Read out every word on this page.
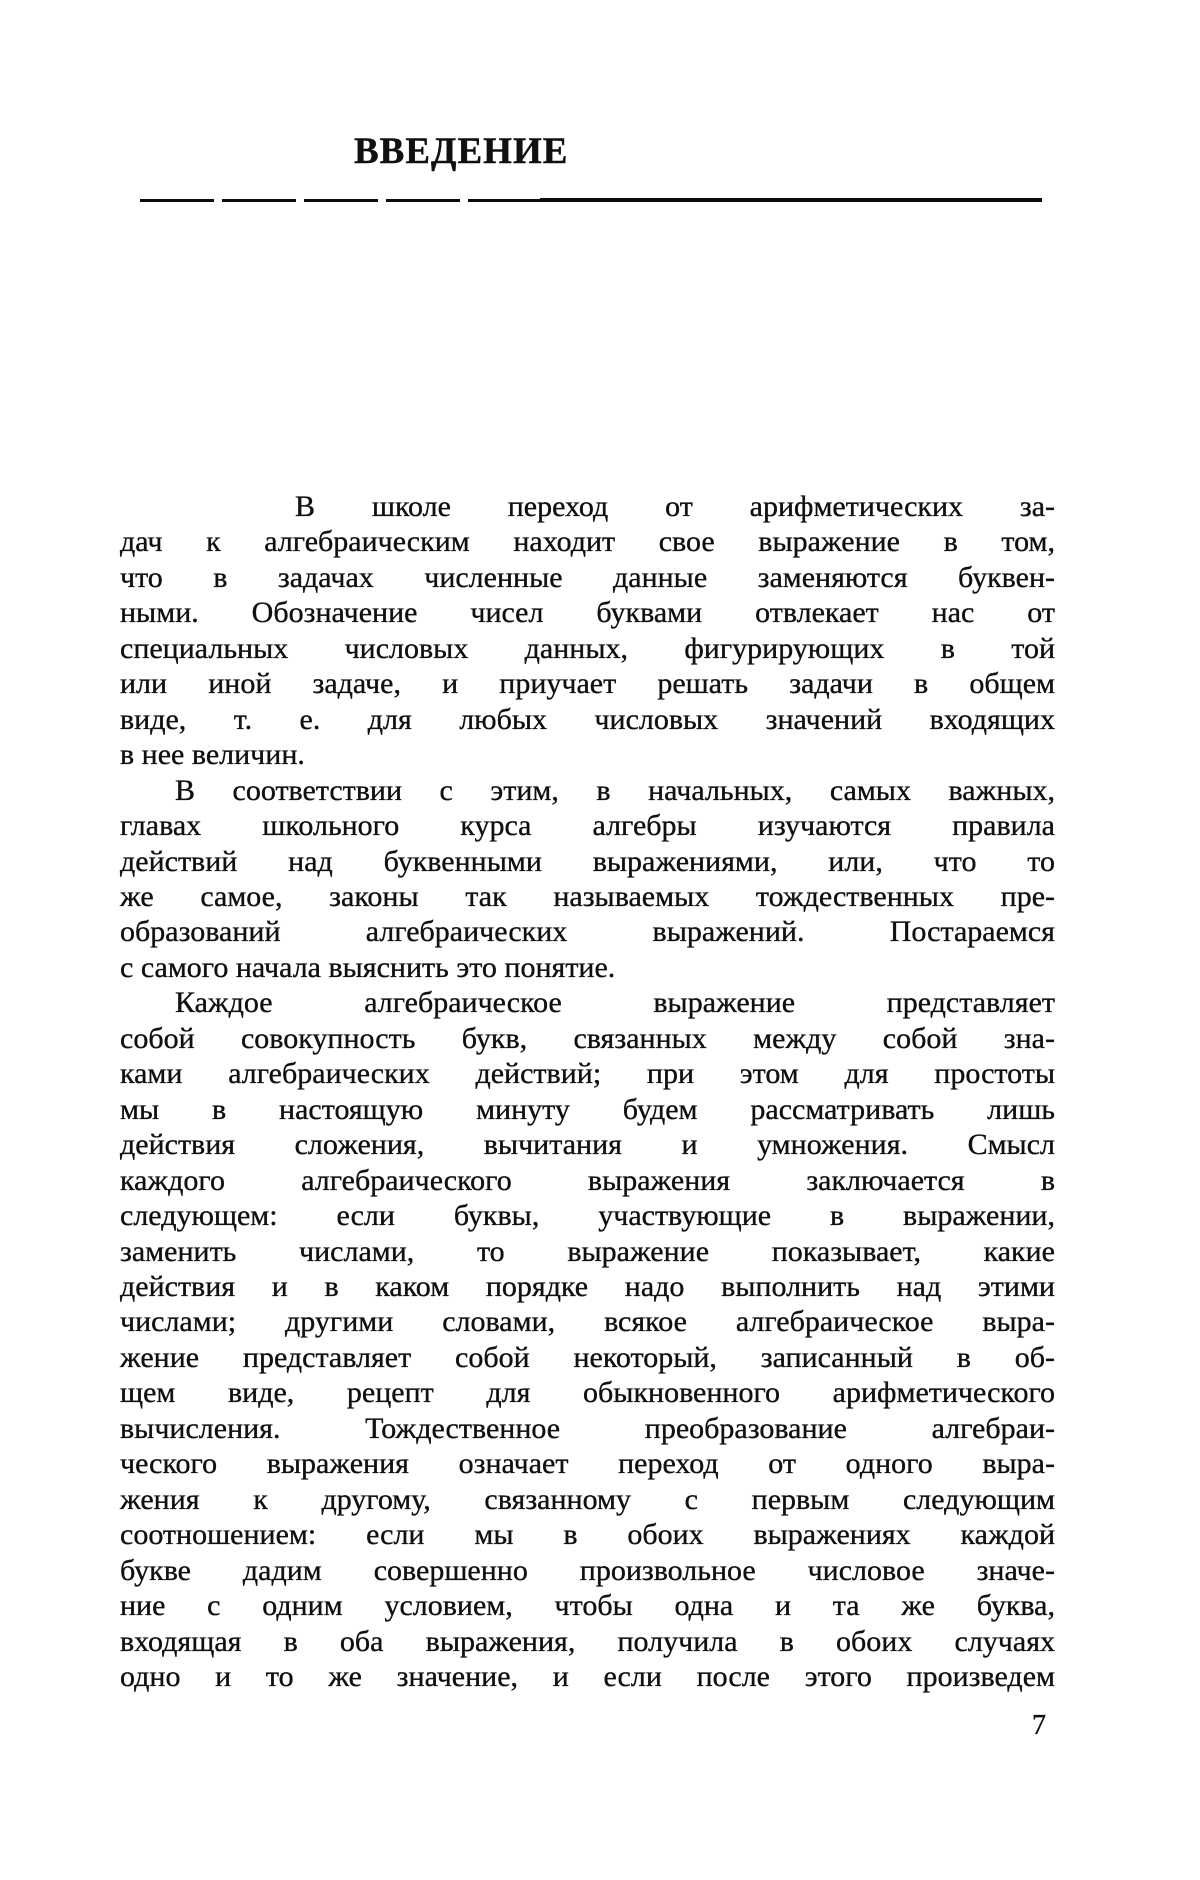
ВВЕДЕНИЕ
В школе переход от арифметических за-
дач к алгебраическим находит свое выражение в том,
что в задачах численные данные заменяются буквен-
ными. Обозначение чисел буквами отвлекает нас от
специальных числовых данных, фигурирующих в той
или иной задаче, и приучает решать задачи в общем
виде, т. е. для любых числовых значений входящих
в нее величин.
В соответствии с этим, в начальных, самых важных,
главах школьного курса алгебры изучаются правила
действий над буквенными выражениями, или, что то
же самое, законы так называемых тождественных пре-
образований алгебраических выражений. Постараемся
с самого начала выяснить это понятие.
Каждое алгебраическое выражение представляет
собой совокупность букв, связанных между собой зна-
ками алгебраических действий; при этом для простоты
мы в настоящую минуту будем рассматривать лишь
действия сложения, вычитания и умножения. Смысл
каждого алгебраического выражения заключается в
следующем: если буквы, участвующие в выражении,
заменить числами, то выражение показывает, какие
действия и в каком порядке надо выполнить над этими
числами; другими словами, всякое алгебраическое выра-
жение представляет собой некоторый, записанный в об-
щем виде, рецепт для обыкновенного арифметического
вычисления. Тождественное преобразование алгебраи-
ческого выражения означает переход от одного выра-
жения к другому, связанному с первым следующим
соотношением: если мы в обоих выражениях каждой
букве дадим совершенно произвольное числовое значе-
ние с одним условием, чтобы одна и та же буква,
входящая в оба выражения, получила в обоих случаях
одно и то же значение, и если после этого произведем
7
